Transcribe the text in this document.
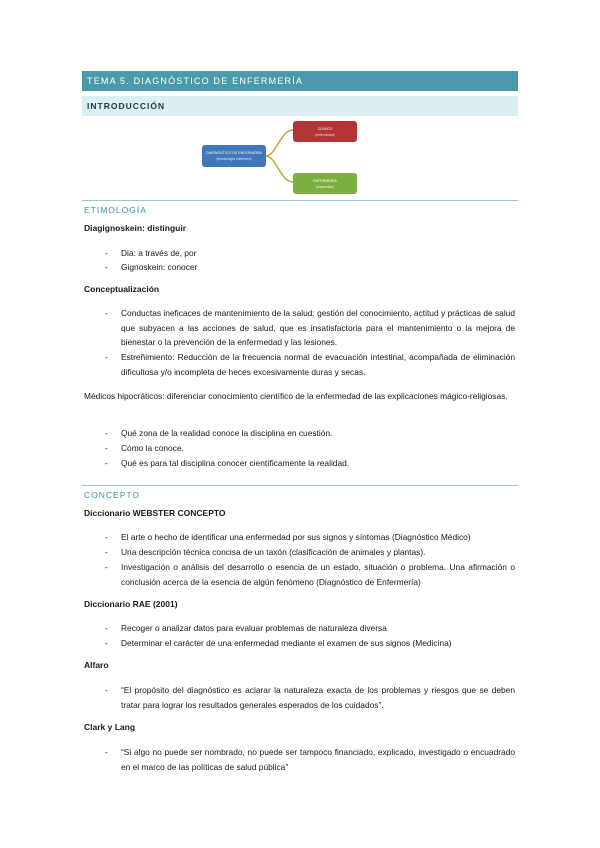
TEMA 5. DIAGNÓSTICO DE ENFERMERÍA
INTRODUCCIÓN
DIAGNÓSTICO DE ENFERMERÍA
(terminología enfermera)
CLÍNICO
(enfermedad)
ENFERMERÍA
(respuestas)
ETIMOLOGÍA
Diagignoskein: distinguir
- Dia: a través de, por
- Gignoskein: conocer
Conceptualización
- Conductas ineficaces de mantenimiento de la salud: gestión del conocimiento, actitud y prácticas de salud que subyacen a las acciones de salud, que es insatisfactoria para el mantenimiento o la mejora de bienestar o la prevención de la enfermedad y las lesiones.
- Estreñimiento: Reducción de la frecuencia normal de evacuación intestinal, acompañada de eliminación dificultosa y/o incompleta de heces excesivamente duras y secas.
Médicos hipocráticos: diferenciar conocimiento científico de la enfermedad de las explicaciones mágico-religiosas.
- Qué zona de la realidad conoce la disciplina en cuestión.
- Cómo la conoce.
- Qué es para tal disciplina conocer científicamente la realidad.
CONCEPTO
Diccionario WEBSTER CONCEPTO
- El arte o hecho de identificar una enfermedad por sus signos y síntomas (Diagnóstico Médico)
- Una descripción técnica concisa de un taxón (clasificación de animales y plantas).
- Investigación o análisis del desarrollo o esencia de un estado, situación o problema. Una afirmación o conclusión acerca de la esencia de algún fenómeno (Diagnóstico de Enfermería)
Diccionario RAE (2001)
- Recoger o analizar datos para evaluar problemas de naturaleza diversa
- Determinar el carácter de una enfermedad mediante el examen de sus signos (Medicina)
Alfaro
- “El propósito del diagnóstico es aclarar la naturaleza exacta de los problemas y riesgos que se deben tratar para lograr los resultados generales esperados de los cuidados”.
Clark y Lang
- “Si algo no puede ser nombrado, no puede ser tampoco financiado, explicado, investigado o encuadrado en el marco de las políticas de salud pública”
